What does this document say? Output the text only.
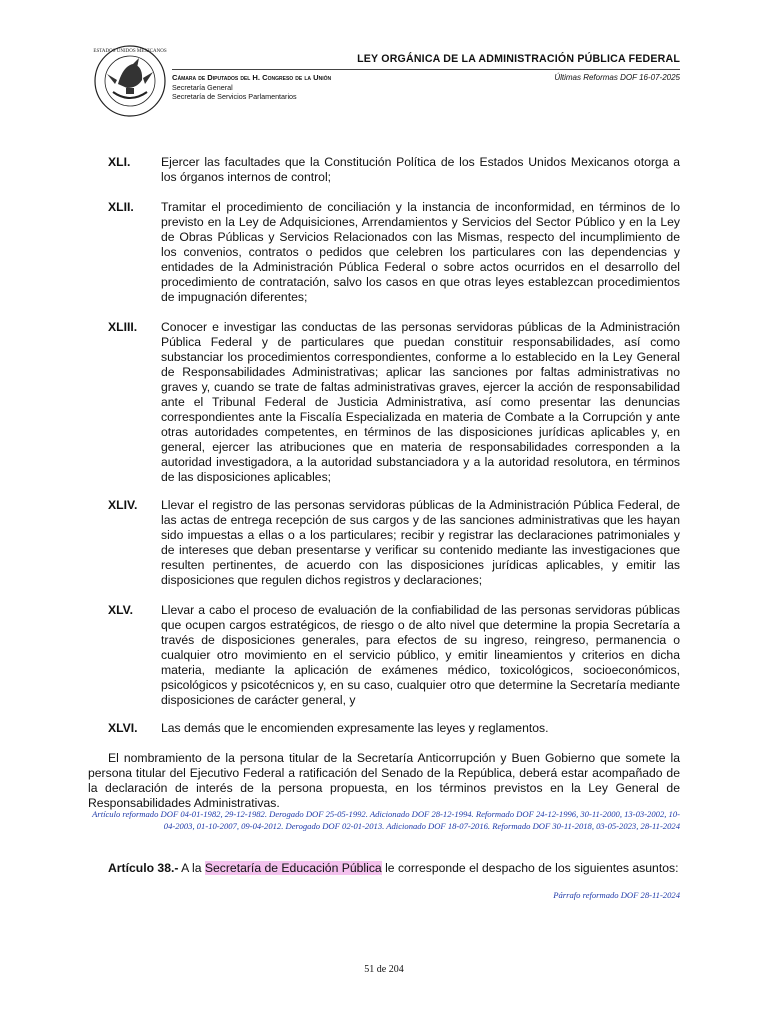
ESTADOS UNIDOS MEXICANOS
LEY ORGÁNICA DE LA ADMINISTRACIÓN PÚBLICA FEDERAL
Cámara de Diputados del H. Congreso de la Unión
Secretaría General
Secretaría de Servicios Parlamentarios
Últimas Reformas DOF 16-07-2025
XLI.	Ejercer las facultades que la Constitución Política de los Estados Unidos Mexicanos otorga a los órganos internos de control;
XLII. Tramitar el procedimiento de conciliación y la instancia de inconformidad, en términos de lo previsto en la Ley de Adquisiciones, Arrendamientos y Servicios del Sector Público y en la Ley de Obras Públicas y Servicios Relacionados con las Mismas, respecto del incumplimiento de los convenios, contratos o pedidos que celebren los particulares con las dependencias y entidades de la Administración Pública Federal o sobre actos ocurridos en el desarrollo del procedimiento de contratación, salvo los casos en que otras leyes establezcan procedimientos de impugnación diferentes;
XLIII. Conocer e investigar las conductas de las personas servidoras públicas de la Administración Pública Federal y de particulares que puedan constituir responsabilidades, así como substanciar los procedimientos correspondientes, conforme a lo establecido en la Ley General de Responsabilidades Administrativas; aplicar las sanciones por faltas administrativas no graves y, cuando se trate de faltas administrativas graves, ejercer la acción de responsabilidad ante el Tribunal Federal de Justicia Administrativa, así como presentar las denuncias correspondientes ante la Fiscalía Especializada en materia de Combate a la Corrupción y ante otras autoridades competentes, en términos de las disposiciones jurídicas aplicables y, en general, ejercer las atribuciones que en materia de responsabilidades corresponden a la autoridad investigadora, a la autoridad substanciadora y a la autoridad resolutora, en términos de las disposiciones aplicables;
XLIV. Llevar el registro de las personas servidoras públicas de la Administración Pública Federal, de las actas de entrega recepción de sus cargos y de las sanciones administrativas que les hayan sido impuestas a ellas o a los particulares; recibir y registrar las declaraciones patrimoniales y de intereses que deban presentarse y verificar su contenido mediante las investigaciones que resulten pertinentes, de acuerdo con las disposiciones jurídicas aplicables, y emitir las disposiciones que regulen dichos registros y declaraciones;
XLV. Llevar a cabo el proceso de evaluación de la confiabilidad de las personas servidoras públicas que ocupen cargos estratégicos, de riesgo o de alto nivel que determine la propia Secretaría a través de disposiciones generales, para efectos de su ingreso, reingreso, permanencia o cualquier otro movimiento en el servicio público, y emitir lineamientos y criterios en dicha materia, mediante la aplicación de exámenes médico, toxicológicos, socioeconómicos, psicológicos y psicotécnicos y, en su caso, cualquier otro que determine la Secretaría mediante disposiciones de carácter general, y
XLVI. Las demás que le encomienden expresamente las leyes y reglamentos.
El nombramiento de la persona titular de la Secretaría Anticorrupción y Buen Gobierno que somete la persona titular del Ejecutivo Federal a ratificación del Senado de la República, deberá estar acompañado de la declaración de interés de la persona propuesta, en los términos previstos en la Ley General de Responsabilidades Administrativas.
Artículo reformado DOF 04-01-1982, 29-12-1982. Derogado DOF 25-05-1992. Adicionado DOF 28-12-1994. Reformado DOF 24-12-1996, 30-11-2000, 13-03-2002, 10-04-2003, 01-10-2007, 09-04-2012. Derogado DOF 02-01-2013. Adicionado DOF 18-07-2016. Reformado DOF 30-11-2018, 03-05-2023, 28-11-2024
Artículo 38.- A la Secretaría de Educación Pública le corresponde el despacho de los siguientes asuntos:
Párrafo reformado DOF 28-11-2024
51 de 204
